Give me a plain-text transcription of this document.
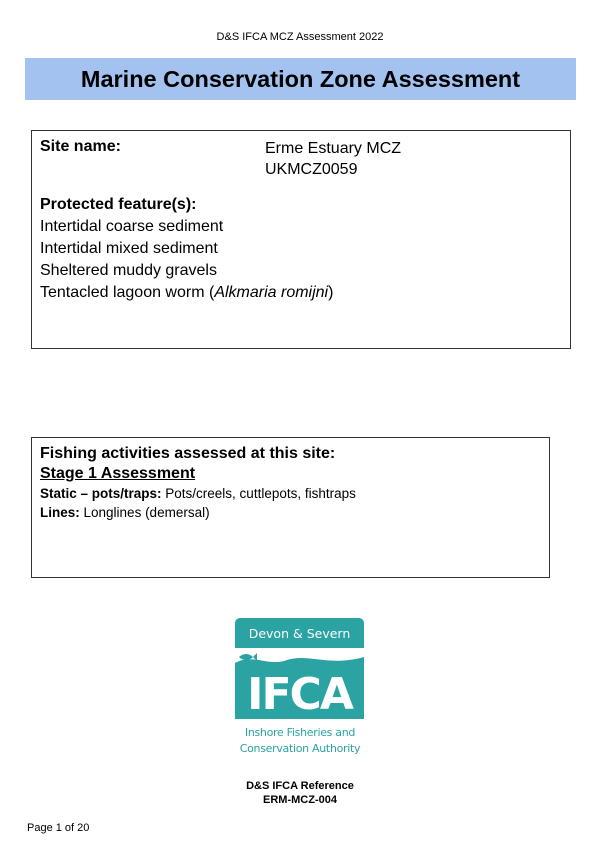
D&S IFCA MCZ Assessment 2022
Marine Conservation Zone Assessment
Site name:	Erme Estuary MCZ
UKMCZ0059
Protected feature(s):
Intertidal coarse sediment
Intertidal mixed sediment
Sheltered muddy gravels
Tentacled lagoon worm (Alkmaria romijni)
Fishing activities assessed at this site:
Stage 1 Assessment
Static – pots/traps: Pots/creels, cuttlepots, fishtraps
Lines: Longlines (demersal)
Devon & Severn
IFCA
Inshore Fisheries and
Conservation Authority
D&S IFCA Reference
ERM-MCZ-004
Page 1 of 20
